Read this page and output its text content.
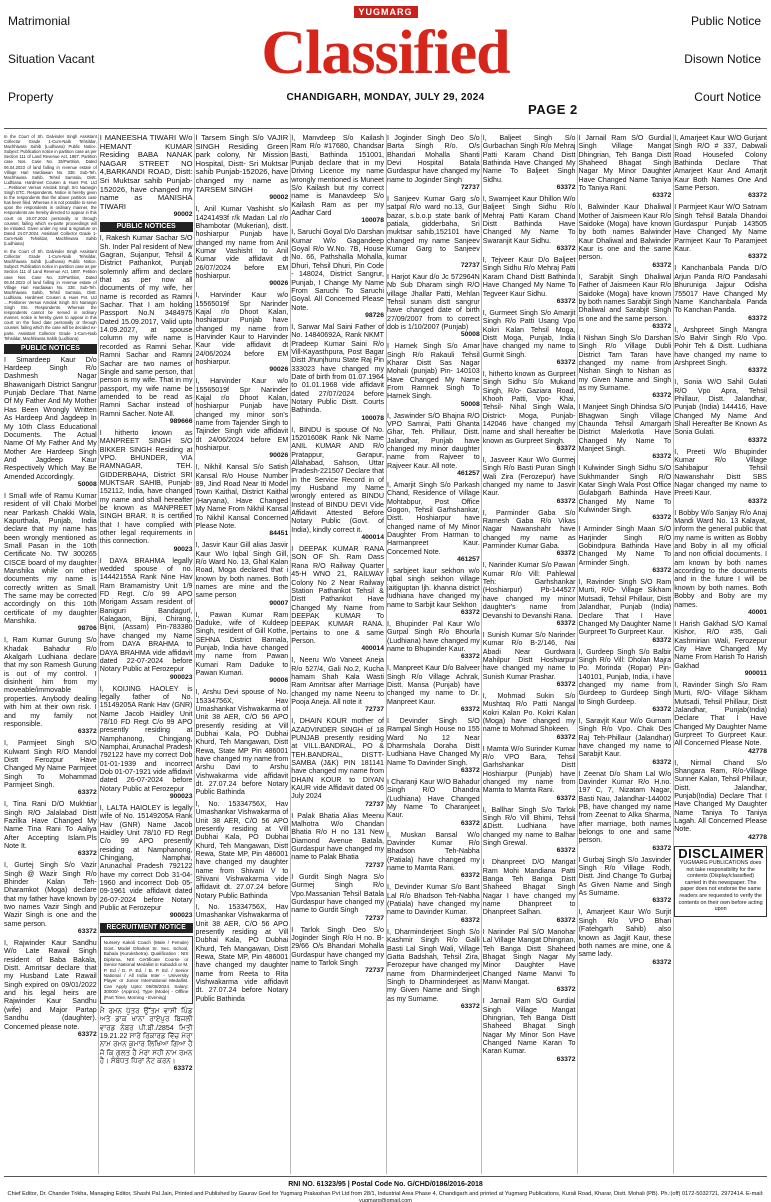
Matrimonial
Situation Vacant
Property
Public Notice
Disown Notice
Court Notice
YUGMARG
Classified
CHANDIGARH, MONDAY, JULY 29, 2024
PAGE 2
In the Court of Sh. Dalvinder Singh Assistant Collector Grade 1-Cum-Naib Tehsildar, Machhiwara Sahib (Ludhiana) Public Notice. Subject: Publication notice in partition case as per Section 111 of Land Revenue Act, 1887. Partition case Nos. Case No. 35/Partition, Dated 06.04.2023 of land falling in revenue estate of Village Hari Hardiawan No. 338. Sub-Teh. Machhiwara Sahib, Tehsil Samrala, Distt. Ludhiana. Hardmeet Cousen & Hues Pvt. Ltd ....Petitioner Versus Amolak Singh S/o Narangin Singh ETC. Respondents. Notice is hereby given to the respondents that the above partition case has been filed. Whereas it is not possible to serve upon the respondents in ordinary manner, the respondents are hereby directed to appear in this court on 26.07.2024 personally or through counsel, failing which ex-parte proceedings will be initiated. Given under my seal & signature on Dated 24.07.2024. Assistant Collector Grade 1-Cum-Naib Tehsildar, Machhiwara Sahib (Ludhiana)
In the Court of Sh. Dalvinder Singh Assistant Collector Grade 1-Cum-Naib Tehsildar, Machhiwara Sahib (Ludhiana) Public Notice. Subject: Publication notice in partition case as per Section 111 of Land Revenue Act, 1887. Petition case Nos. Case No. 33/Partition, Dated 06.04.2023 of land falling in revenue estate of Village Hari Hardiawan No. 338. Sub-Teh. Machhiwara Sahib, Tehsil Samrala, Distt. Ludhiana. Hardmeet Cousen & Hues Pvt. Ltd ....Petitioner Versus Amolak Singh S/o Narangin Singh Ete. Respondents. Whereas the respondents cannot be served in ordinary manner, notice is hereby given to appear in this court on the fixed date personally or through counsel, failing which the case will be decided ex-parte. Assistant Collector Grade 1-Cum-Naib Tehsildar, Machhiwara Sahib (Ludhiana)
PUBLIC NOTICES
I Simardeep Kaur D/o Hardeep Singh R/o Dashmesh Nagar Bhawanigarh District Sangrur Punjab Declare That Name Of My Father And My Mother Has Been Wrongly Written As Hardeep And Jagdeep In My 10th Class Educational Documents. The Actual Name Of My Father And My Mother Are Hardeep Singh And Jagdeep Kaur Respectively Which May Be Amended Accordingly.
50008
I Small wife of Ramu Kumar resident of vill Chaki Morbel near Parkash Chakki Wala, Kapurthala, Punjab, India declare that my name has been wrongly mentioned as Small Pasan in the 10th Certificate No. TW 300265 CISCE board of my daughter Manshika while on other documents my name is correctly written as Small. The same may be corrected accordingly on this 10th certificate of my daughter Manshika.
98706
I, Ram Kumar Gurung S/o Khadak Bahadur R/o Akalgarh Ludhiana declare that my son Ramesh Gurung is out of my control. I disinherit him from my moveable/immovable properties. Anybody dealing with him at their own risk. I and my family not responsible.
63372
I, Parmjeet Singh S/O Kulwant Singh R/O Mandol Distt Ferozpur Have Changed My Name Parmjeet Singh To Mohammad Parmjeet Singh.
63372
I, Tina Rani D/O Mukhtiar Singh R/O Jalalabad Distt Fazilka Have Changed My Name Tina Rani To Aaliya After Accepting Islam.Pls Note It.
63372
I, Gurtej Singh S/o Vazir Singh @ Wazir Singh R/o Bhinder Kalan Teh-Dharamkot (Moga) declare that my father have known by two names Vazir Singh and Wazir Singh is one and the same person.
63372
I, Rajwinder Kaur Sandhu W/o Late Rawail Singh resident of Baba Bakala, Distt. Amritsar declare that my Husband Late Rawail Singh expired on 09/01/2022 and his legal heirs are Rajwinder Kaur Sandhu (wife) and Major Partap Sandhu (daughter). Concerned please note.
63372
I MANEESHA TIWARI W/o HEMANT KUMAR Residing BABA NANAK NAGAR STREET NO 4,BARKANDI ROAD, Distt: Sri Muktsar sahib Punjab-152026, have changed my name as MANISHA TIWARI
90002
PUBLIC NOTICES
I, Rakesh Kumar Sachar S/O Sh. Inder Pal resident of New Gagran, Sujanpur, Tehsil & District Pathankot, Punjab solemnly affirm and declare that as per now all documents of my wife, her name is recorded as Ramni Sachar. That I am holding Passport No.N 3484975 Dated 15.09.2017, Valid upto 14.09.2027, at spouse column my wife name is recorded as Ramni Sehar. Ramni Sachar and Ramni Sachar are two names of Single and same person, that person is my wife. That in my passport, my wife name be amended to be read as Ramni Sachar instead of Ramni Sacher. Note All.
989666
I hitherto known as MANPREET SINGH S/O BIKKER SINGH Residing at VPO. BHUNDER, VIA RAMNAGAR, TEH. GIDDERBAHA, District SRI MUKTSAR SAHIB, Punjab-152112, India, have changed my name and shall hereafter be known as MANPREET SINGH BRAR. It is certified that I have complied with other legal requirements in this connection.
90023
I DAYA BRAHMA legally wedded spouse of no. 14442155A Rank Nine Hav Ram Bramamistry Unit 1/9 FD Regt. C/o 99 APO Morigam Assam resident of Baniguri Bandagurl, Kalagaon, Bijni, Chirang, Bijni, (Assam) Pin-783380 have changed my Name from DAYA BRAHMA to DAYA BRAHMA vide affidavit dated 22-07-2024 before Notary Public at Ferozepur
900023
I, KOIJING HAOLEY is legally father of No. 15149205A Rank Hav (GNR) Name Jacob Haidley Unit 78/10 FD Regt C/o 99 APO presently residing at Namphanong, Chingjang, Namphai, Arunachal Pradesh 792122 have my correct Dob 01-01-1939 and incorrect Dob 01-07-1921 vide affidavit dated 26-07-2024 before Notary Public at Ferozepur
900023
I, LALTA HAIOLEY is legally wife of No. 15149205A Rank Hav (GNR) Name Jacob Haidley Unit 78/10 FD Regt C/o 99 APO presently residing at Namphanong, Chingjang, Namphai, Arunachal Pradesh 792122 have my correct Dob 31-04-1960 and incorrect Dob 05-09-1961 vide affidavit dated 26-07-2024 before Notary Public at Ferozepur
900023
RECRUITMENT NOTICE
Nursery Kakoli Coach (Male / Female) Govt. Model Dharkot Sr. Sec. School, Bahala (Kurukshetra). Qualification : NIS Diploma, NIS Certificate Course or Senior National Medalist in Kabaddi or M. P. Ed / D. P. Ed. / B. P. Ed. / Senior National / All India Inter - University Player or Junior International Medallist. Can Apply Upto: 05/08/2024. Salary: 30000/- (Approx). Type (Mode) - Offline (Part Time, Morning - Evening)
ਮੈਂ ਰਮਨ ਪੁੱਤਰ ਉੱਤਮ ਵਾਸੀ ਪਿੰਡ ਅਤੇ ਡਾਕ ਖਾਨਾ ਰਾਏਪੁਰ ਬਿਜਲੀ ਵਾਰਡ ਨੰਬਰ ਪੀ.ਬੀ./2854 ਮਿਤੀ 19.21.22 ਸਾਰੇ ਰਿਕਾਰਡ ਵਿੱਚ ਮੇਰਾ ਨਾਮ ਰਮਨ ਕੁਮਾਰ ਲਿਖਿਆ ਗਿਆ ਹੈ ਜੋ ਕਿ ਗਲਤ ਹੈ ਮੇਰਾ ਸਹੀ ਨਾਮ ਰਮਨ ਹੈ। ਸੰਬੰਧਤ ਧਿਰਾਂ ਨੋਟ ਕਰਨ।
63372
I Tarsem Singh S/o VAJIR SINGH Residing Green park colony, Nr Mission Hospital, Distt- Sri Muktsar sahib Punjab-152026, have changed my name as TARSEM SINGH
90002
I, Anil Kumar Vashisht s/o 14241493f r/k Madan Lal r/o Bhambotar (Mukerian), distt. hoshiarpur Punjab have changed my name from Anil Kumar Vashisht to Anil Kumar vide affidavit dt 26/07/2024 before EM hoshiarpur.
90026
I, Harvinder Kaur w/o 15565019f Spr Narinder Kajal r/o Dhoot Kalan, hoshiarpur Punjab have changed my name from Harvinder Kaur to Harvinder Kaur vide affidavit dt 24/06/2024 before EM hoshiarpur.
90026
I, Harvinder Kaur w/o 15565019f Spr Narinder Kajal r/o Dhoot Kalan, hoshiarpur Punjab have changed my minor son's name from Tajender Singh to Tajinder Singh vide affidavit dt 24/06/2024 before EM hoshiarpur.
90026
I, Nikhil Kansal S/o Satish Kansal R/o House Number 89, Jind Road Near Iti Model Town Kaithal, District Kaithal (Haryana), Have Changed My Name From Nikhil Kansal To Nikhil Kansal Concerned Please Note.
84451
I, Jasvir Kaur Gill alias Jasvir Kaur W/o Iqbal Singh Gill, R/o Ward No. 13, Ghal Kalan Road, Moga declared that i known by both names. Both names are mine and the same person
90007
I, Pawan Kumar Ram Daduke, wife of Kuldeep Singh, resident of Gill Kothe, SEHNA District Barnala, Punjab, India have changed my name from Pawan Kumari Ram Daduke to Pawan Kumari.
90006
I, Arshu Devi spouse of No. 15334756X, Hav Umashankar Vishwakarma of Unit 38 AER, C/O 56 APO presently residing at Vill Dubhai Kala, PO Dubhai Khurd, Teh Mangawan, Distt Rewa, State MP Pin 486001 have changed my name from Arshu Davi to Arshu Vishwakarma vide affidavit dt. 27.07.24 before Notary Public Bathinda
I, No. 15334756X, Hav Umashankar Vishwakarma of Unit 38 AER, C/O 56 APO presently residing at Vill Dubhai Kala, PO Dubhai Khurd, Teh Mangawan, Distt Rewa, State MP, Pin 486001 have changed my daughter name from Shivani V to Shivani Vishwakarma vide affidavit dt. 27.07.24 before Notary Public Bathinda
I, No. 15334756X, Hav Umashankar Vishwakarma of Unit 38 AER, C/O 56 APO presently residing at Vill Dubhai Kala, PO Dubhai Khurd, Teh Mangawan, Distt Rewa, State MP, Pin 486001 have changed my daughter name from Reeta to Rita Vishwakarma vide affidavit dt. 27.07.24 before Notary Public Bathinda
I, Manvdeep S/o Kailash Ram R/o #17680, Chandsar Basti, Bathinda 151001, Punjab declare that in my Driving Licence my name wrongly mentioned is Muneet S/o Kailash but my correct name is Manavdeep S/o Kailash Ram as per my Aadhar Card
100078
I, Saruchi Goyal D/o Darshan Kumar W/o Gagandeep Goyal R/o W.No. 7B, House No. 66, Pathshalla Mohalla, Dhuri, Tehsil Dhuri, Pin Code - 148024, District Sangrur, Punjab, I Change My Name From Saruchi To Saruchi Goyal. All Concerned Please Note.
98726
I, Sarwar Mal Saini Father of No. 14840692A, Rank NKMT Pradeep Kumar Saini R/o Vill-Kayasthpura, Post Bagar Distt Jhunjhunu State Raj Pin 333023 have changed my Date of birth from 01.07.1964 to 01.01.1968 vide affidavit dated 27/07/2024 before Notary Public Distt. Courts Bathinda.
100078
I, BINDU is spouse Of No. 15201608K Rank Nk Name ANIL KUMAR AND R/o Pratappur, Garapur, Allahabad, Sahson, Uttar Pradesh-221507 Declare that in the Service Record in of my Husband my Name wrongly entered as BINDU Instead of BINDU DEVI Vide Affidavit Attested Before Notary Public (Govt. of India), kindly correct it.
400014
I DEEPAK KUMAR RANA SON OF Sh. Ram Dass Rana R/O Railway Quarter 45-H WNO 21, RAILWAY Colony No 2 Near Railway Station Pathankot Tehsil & Distt Pathankot Have Changed My Name from DEEPAK KUMAR To DEEPAK KUMAR RANA. Pertains to one & same Person.
400014
I, Neeru W/o Vaneet Aneja R/o 527/4, Gali No.2, Kucha hamam Shah Kala Wasti Ram Amritsar after Marriage changed my name Neeru to Pooja Aneja. All note it
72737
I, DHAIN KOUR mother of AZADVINDER SINGH of 18 PUNJAB presently residing at VILL.BANDRAL, PO & TEH.BANDRAL, DISTT-SAMBA (J&K) PIN 181141 have changed my name from DHAIN KOUR to DIYAN KAUR vide Affidavit dated 06 July 2024
72737
I Palak Bhatia Alias Meenu Malhotra W/o Chandan Bhatia R/o H no 131 New Diamond Avenue Batala, Gurdaspur have changed my name to Palak Bhatia
72737
I Gurdit Singh Nagra S/o Gurmej Singh R/o Vpo.Massanian Tehsil Batala Gurdaspur have changed my name to Gurdit Singh
72737
I Tarlok Singh Deo S/o Joginder Singh R/o H no. B-29/66 O/s Bhandari Mohalla Gurdaspur have changed my name to Tarlok Singh
72737
I Joginder Singh Deo S/o Barta Singh R/o. O/s Bhandari Mohalla Shanti Devi Hospital Batala Gurdaspur have changed my name to Joginder Singh
72737
I Sanjeev Kumar Garg s/o satpal R/o ward no.13, Gur bazar, s.b.o.p state bank of patiala, gidderbaha, Sri muktsar sahib,152101 have changed my name Sanjeev Kumar Garg to Sanjeev kumar
72737
I Harjot Kaur d/o Jc 572964N Nb Sub Dharam singh R/O village Jhallar Patti, Mehlan Tehsil sunam distt sangrur have changed date of birth 27/09/2007 from to correct dob is 1/10/2007 (Punjab)
50008
I Harnek Singh S/o Amar Singh R/o Rakauli Tehsil Kharar Distt Sas Nagar Mohali (punjab) Pin- 140103 Have Changed My Name From Ramnek Singh To Harnek Singh.
50008
I, Jaswinder S/O Bhajna R/O VPO Samrai, Patti Ghanta Ghar, Teh. Phillaur, Distt. Jalandhar, Punjab have changed my minor daughter name from Rajveer to Rajveer Kaur. All note.
461257
I, Amarjit Singh S/o Parkash Chand, Residence of Village Mohtabpur, Post Office Gogon, Tehsil Garhshankar, Distt. Hoshiarpur have changed name of My Minor Daughter From Harman to Harmanpreet Kaur. Concerned Note.
461257
I sarbjeet kaur sekhon w/o iqbal singh sekhon village jaitiguptan ljh. khanna district ludhiana have changed my name to Sarbjit kaur Sekhon
63372
I, Bhupinder Pal Kaur W/o Gurpal Singh R/o Bhourla (Ludhiana) have changed my name to Bhupinder Kaur.
63372
I, Manpreet Kaur D/o Balveer Singh R/o Village Achrak, Distt. Mansa (Punjab) have changed my name to Dr. Manpreet Kaur.
63372
I Devinder Singh S/O Rampal Singh House no 155 Ward No 12 Near Dharmshala Doraha Distt Ludhiana Have Changed My Name To Davinder Singh.
63372
I Charanji Kaur W/O Bahadur Singh R/O Dhandra (Ludhiana) Have Changed My Name To Charanjeet Kaur.
63372
I, Muskan Bansal W/o Davinder Kumar R/o Bhadson Teh-Nabha (Patiala) have changed my name to Mamta Rani.
63372
I, Devinder Kumar S/o Bant Lal R/o Bhadson Teh-Nabha (Patiala) have changed my name to Davinder Kumar.
63372
I, Dharminderjeet Singh S/o Kashmir Singh R/o Galli Basti Lal Singh Wali, Village Gatta Badshah, Tehsil Zira, Ferozepur have changed my name from Dharminderjeet Singh to Dharminderjeet as my Given Name and Singh as my Surname.
63372
I, Baljeet Singh S/o Gurbachan Singh R/o Mehraj Patti Karam Chand Distt Bathinda Have Changed My Name To Baljeet Singh Sidhu.
63372
I, Swarnjeet Kaur Dhillon W/o Baljeet Singh Sidhu R/o Mehraj Patti Karam Chand Distt Bathinda Have Changed My Name To Swaranjit Kaur Sidhu.
63372
I, Tejveer Kaur D/o Baljeet Singh Sidhu R/o Mehraj Patti Karam Chand Distt Bathinda Have Changed My Name To Tegveer Kaur Sidhu.
63372
I, Gurmeet Singh S/o Amarjit Singh R/o Patti Usang Vpo Kokri Kalan Tehsil Moga, Distt Moga, Punjab, India have changed my name to Gurmit Singh.
63372
I, hitherto known as Gurpreet Singh Sidhu S/o Mukand Singh, R/o- Gaziara Road, Khooh Patti, Vpo- Khai, Tehsil- Nihal Singh Wala, District- Moga, Punjab- 142046 have changed my name and shall hereafter be known as Gurpreet Singh.
63372
I, Jasveer Kaur W/o Gurmej Singh R/o Basti Puran Singh Wali Zira (Ferozepur) have changed my name to Jasvir Kaur.
63372
I, Parminder Gaba S/o Ramesh Gaba R/o Vikas Nagar Nawanshahr have changed my name as Parminder Kumar Gaba.
63372
I, Narinder Kumar S/o Pawan Kumar R/o Vill: Pahlewal Teh: Garhshankar (Hoshiarpur) Pb-144527 have changed my minor daughter's name from Devanshi to Devanshi Rana.
63372
I Sunish Kumar S/o Narinder Kumar R/o B-2/146, Nai Abadi Near Gurdwara Mahilpur Distt Hoshiarpur have changed my name to Sunish Kumar Prashar.
63372
I, Mohmad Sukin S/o Mushtaq R/o Patti Nangal Kokri Kalan Po. Kokri Kalan (Moga) have changed my name to Mohmad Shokeen.
63372
I Mamta W/o Surinder Kumar R/o VPO Bara, Tehsil Garhshankar Distt Hoshiarpur (Punjab) have changed my name from Mamta to Mamta Rani.
63372
I, Ballhar Singh S/o Tarlok Singh R/o Vill Bhimi, Tehsil &Distt. Ludhiana have changed my name to Balhar Singh Grewal.
63372
I Dhanpreet D/O Mangat Ram Mohi Mandiana Patti Banga Teh Banga Distt Shaheed Bhagat Singh Nagar I have changed my name Dhanpreet to Dhanpreet Salhan.
63372
I Narinder Pal S/O Manohar Lal Village Mangat Dhingrian, Teh Banga Distt Shaheed Bhagat Singh Nagar My Minor Daughter Have Changed Name Manvi To Manvi Mangat.
63372
I Jarnail Ram S/O Gurdial Singh Village Mangat Dhingrian, Teh Banga Distt Shaheed Bhagat Singh Nagar My Minor Son Have Changed Name Karan To Karan Kumar.
63372
I Jarnail Ram S/O Gurdial Singh Village Mangat Dhingrian, Teh Banga Distt Shaheed Bhagat Singh Nagar My Minor Daughter Have Changed Name Taniya To Taniya Rani.
63372
I, Balwinder Kaur Dhaliwal Mother of Jaismeen Kaur R/o Saidoke (Moga) have known by both names Balwinder Kaur Dhaliwal and Balwinder Kaur is one and the same person.
63372
I, Sarabjit Singh Dhaliwal Father of Jaismeen Kaur R/o Saidoke (Moga) have known by both names Sarabjit Singh Dhaliwal and Sarabjit Singh is one and the same person.
63372
I Nishan Singh S/o Darshan Singh R/o Village Dubli District Tarn Taran have changed my name from Nishan Singh to Nishan as my Given Name and Singh as my Surname.
63372
I Manjeet Singh Dhindsa S/O Bhagwan Singh Village Chaunda Tehsil Amargarh District Malerkotla Have Changed My Name To Manjeet Singh.
63372
I Kulwinder Singh Sidhu S/O Sukhmander Singh R/O Katar Singh Wala Post Office Gulabgarh Bathinda Have Changed My Name To Kulwinder Singh.
63372
I Arminder Singh Maan S/O Harjinder Singh R/O Gobindpura Bathinda Have Changed My Name To Arminder Singh.
63372
I, Ravinder Singh S/O Ram Murti, R/O- Village Sikham Mutsadi, Tehsil Phillaur, Distt Jalandhar, Punjab (India) Declare That I Have Changed My Daughter Name Gurpreet To Gurpreet Kaur.
63372
I, Gurdeep Singh S/o Balbir Singh R/o Vill: Dholan Majra Po. Morinda (Ropar) Pin-140101, Punjab, India, i have changed my name from Gurdeep to Gurdeep Singh to Singh Gurdeep.
63372
I, Saravjit Kaur W/o Gurnam Singh R/o Vpo. Chak Des Raj Teh-Phillaur (Jalandhar) have changed my name to Sarabjit Kaur.
63372
I Zeenat D/o Sham Lal W/o Davinder Kumar R/o H.no. 197 C, 7, Nizatam Nagar, Basti Nau, Jalandhar-144002 PB, have changed my name from Zeenat to Alka Sharma, after marriage, both names belongs to one and same person.
63372
I Gurbaj Singh S/o Jasvinder Singh R/o Village Rodh, Distt. Jind Change To Gurbaj As Given Name and Singh As Surname.
63372
I, Amarjeet Kaur W/o Surjit Singh R/o VPO Bhari (Fatehgarh Sahib) also known as Jagjit Kaur, these both names are mine, one & same lady.
63372
I, Amarjeet Kaur W/O Gurjant Singh R/O # 337, Dabwali Road Housefed Colony Bathinda Declare That Amarjeet Kaur And Amarjit Kaur Both Names One And Same Person.
63372
I Parmjeet Kaur W/O Satnam Singh Tehsil Batala Dhandoi Gurdaspur Punjab 143505 Have Changed My Name Parmjeet Kaur To Paramjeet Kaur.
63372
I Kanchanbala Panda D/O Arjun Panda R/O Pandasahi Bhuruniga Jajpur Odisha 755017 Have Changed My Name Kanchanbala Panda To Kanchan Panda.
63372
I, Arshpreet Singh Mangra S/o Balvir Singh R/o Vpo. Pohir Teh & Distt. Ludhiana have changed my name to Arshpreet Singh.
63372
I, Sonia W/O Sahil Gulati R/O Vpo Apra, Tehsil Phillaur, Distt. Jalandhar, Punjab (India) 144416, Have Changed My Name And Shall Hereafter Be Known As Sonia Gulati.
63372
I, Preeti W/o Bhupinder Kumar R/o Village Sahibajpur Tehsil Nawanshahr Distt SBS Nagar changed my name to Preeti Kaur.
63372
I Bobby W/o Sanjay R/o Anaj Mandi Ward No. 13 Kalayat, inform the general public that my name is written as Bobby and Boby in all my official and non official documents. I am known by both names according to the documents and in the future I will be known by both names. Both Bobby and Boby are my names.
40001
I Harish Gakhad S/O Kamal Kishor, R/O #35, Gali Kashmirian Wali, Ferozepur City Have Changed My Name From Harish To Harish Gakhad
900011
I, Ravinder Singh S/o Ram Murti, R/O- Village Sikham Mutsadi, Tehsil Phillaur, Distt Jalandhar, Punjab(India) Declare That I Have Changed My Daughter Name Gurpreet To Gurpreet Kaur. All Concerned Please Note.
42778
I, Nirmal Chand S/o Shangara Ram, R/o-Village Sunner Kalan, Tehsil Phillaur, Distt. Jalandhar, Punjab(India) Declare That I Have Changed My Daughter Name Taniya To Taniya Lagah. All Concerned Please Note.
42778
DISCLAIMER
YUGMARG PUBLICATIONS does not take responsibility for the contents (Display/classified) carried in this newspaper. The paper does not endorse the same readers are requested to verify the contents on their own before acting upon
RNI NO. 61323/95 | Postal Code No. G/CHD/0186/2016-2018
Chief Editor, Dr. Chander Trikha, Managing Editor, Shashi Pal Jain, Printed and Published by Gaurav Goel for Yugmarg Prakashan Pvt Ltd from 28/1, Industrial Area Phase 4, Chandigarh and printed at Yugmarg Publications, Kurali Road, Kharar, Distt. Mohali (PB). Ph.:(off) 0172-5032721, 2972414. E-mail: yugmarg@gmail.com
